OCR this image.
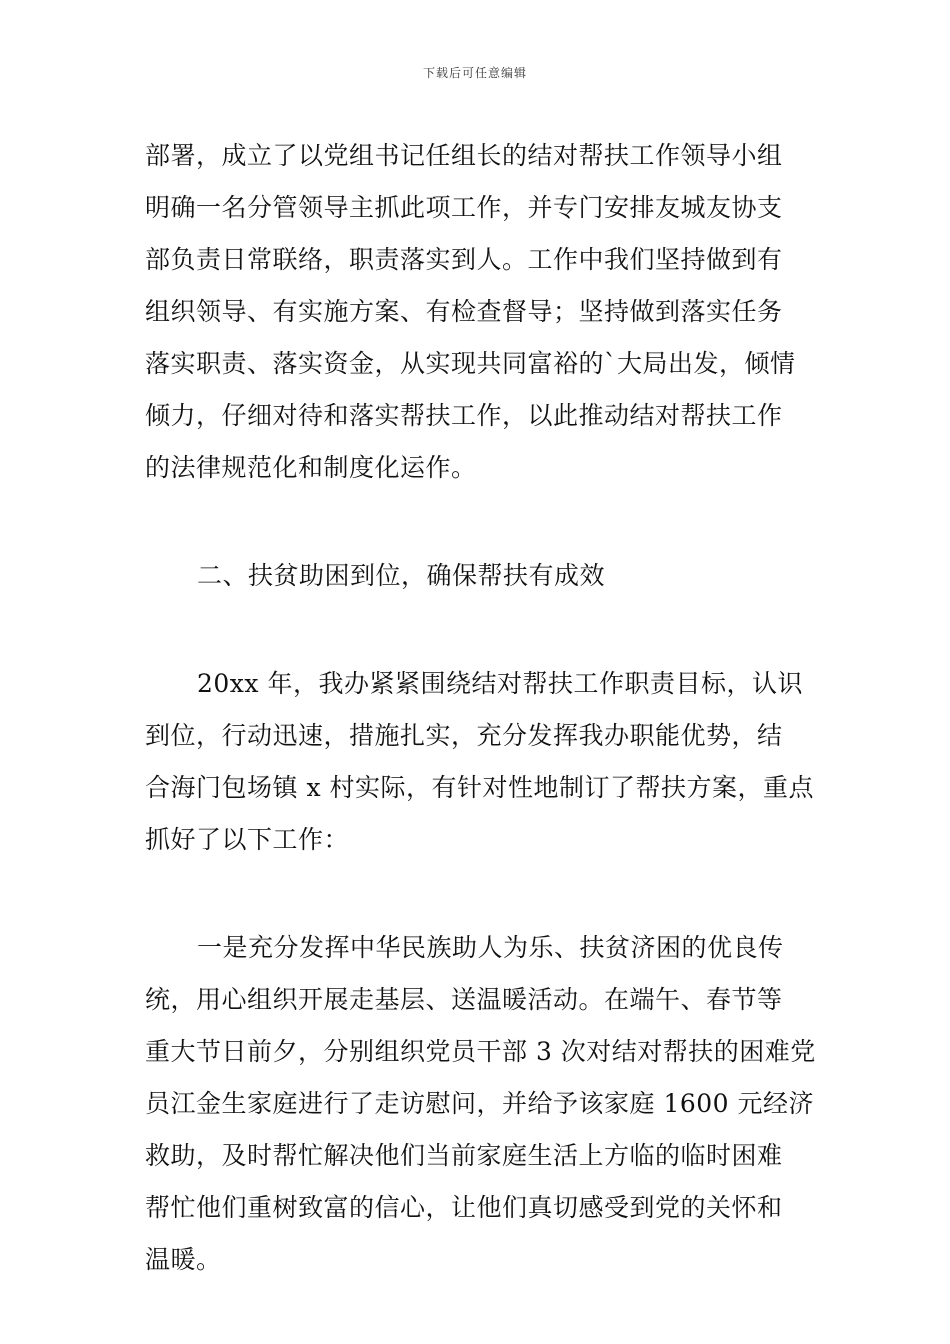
下载后可任意编辑
部署，成立了以党组书记任组长的结对帮扶工作领导小组
明确一名分管领导主抓此项工作，并专门安排友城友协支
部负责日常联络，职责落实到人。工作中我们坚持做到有
组织领导、有实施方案、有检查督导；坚持做到落实任务
落实职责、落实资金，从实现共同富裕的`大局出发，倾情
倾力，仔细对待和落实帮扶工作，以此推动结对帮扶工作
的法律规范化和制度化运作。
二、扶贫助困到位，确保帮扶有成效
20xx 年，我办紧紧围绕结对帮扶工作职责目标，认识
到位，行动迅速，措施扎实，充分发挥我办职能优势，结
合海门包场镇 x 村实际，有针对性地制订了帮扶方案，重点
抓好了以下工作：
一是充分发挥中华民族助人为乐、扶贫济困的优良传
统，用心组织开展走基层、送温暖活动。在端午、春节等
重大节日前夕，分别组织党员干部 3 次对结对帮扶的困难党
员江金生家庭进行了走访慰问，并给予该家庭 1600 元经济
救助，及时帮忙解决他们当前家庭生活上方临的临时困难
帮忙他们重树致富的信心，让他们真切感受到党的关怀和
温暖。
